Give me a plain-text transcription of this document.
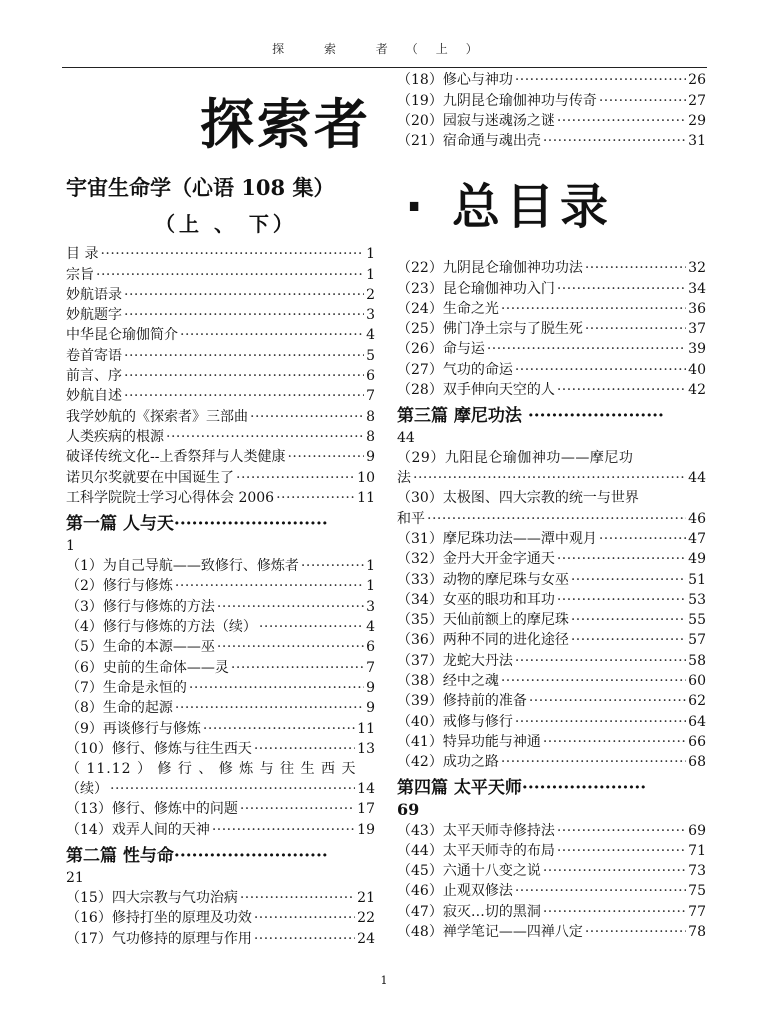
探 索 者（上）
探索者
宇宙生命学（心语 108 集）
（上 、 下） · 总目录
目 录 ·····	1
宗旨 ·····	1
妙航语录 ·····	2
妙航题字 ·····	3
中华昆仑瑜伽简介 ·····	4
卷首寄语 ·····	5
前言、序 ·····	6
妙航自述 ·····	7
我学妙航的《探索者》三部曲 ·····	8
人类疾病的根源 ·····	8
破译传统文化--上香祭拜与人类健康 ·····	9
诺贝尔奖就要在中国诞生了 ·····	10
工科学院院士学习心得体会 2006 ·····	11
第一篇 人与天··························
1
（1）为自己导航——致修行、修炼者 ·····	1
（2）修行与修炼 ·····	1
（3）修行与修炼的方法 ·····	3
（4）修行与修炼的方法（续） ·····	4
（5）生命的本源——巫 ·····	6
（6）史前的生命体——灵 ·····	7
（7）生命是永恒的 ·····	9
（8）生命的起源 ·····	9
（9）再谈修行与修炼 ·····	11
（10）修行、修炼与往生西天 ·····	13
（ 11.12 ） 修 行 、 修 炼 与 往 生 西 天
（续） ·····	14
（13）修行、修炼中的问题 ·····	17
（14）戏弄人间的天神 ·····	19
第二篇 性与命··························
21
（15）四大宗教与气功治病 ·····	21
（16）修持打坐的原理及功效 ·····	22
（17）气功修持的原理与作用 ·····	24
（18）修心与神功 ·····	26
（19）九阴昆仑瑜伽神功与传奇 ·····	27
（20）园寂与迷魂汤之谜 ·····	29
（21）宿命通与魂出壳 ·····	31
（22）九阴昆仑瑜伽神功功法 ·····	32
（23）昆仑瑜伽神功入门 ·····	34
（24）生命之光 ·····	36
（25）佛门净土宗与了脱生死 ·····	37
（26）命与运 ·····	39
（27）气功的命运 ·····	40
（28）双手伸向天空的人 ·····	42
第三篇 摩尼功法 ·······················
44
（29）九阳昆仑瑜伽神功——摩尼功
法 ·····	44
（30）太极图、四大宗教的统一与世界
和平 ·····	46
（31）摩尼珠功法——潭中观月 ·····	47
（32）金丹大开金字通天 ·····	49
（33）动物的摩尼珠与女巫 ·····	51
（34）女巫的眼功和耳功 ·····	53
（35）天仙前额上的摩尼珠 ·····	55
（36）两种不同的进化途径 ·····	57
（37）龙蛇大丹法 ·····	58
（38）经中之魂 ·····	60
（39）修持前的准备 ·····	62
（40）戒修与修行 ·····	64
（41）特异功能与神通 ·····	66
（42）成功之路 ·····	68
第四篇 太平天师·····················
69
（43）太平天师寺修持法 ·····	69
（44）太平天师寺的布局 ·····	71
（45）六通十八变之说 ·····	73
（46）止观双修法 ·····	75
（47）寂灭…切的黑洞 ·····	77
（48）禅学笔记——四禅八定 ·····	78
1
